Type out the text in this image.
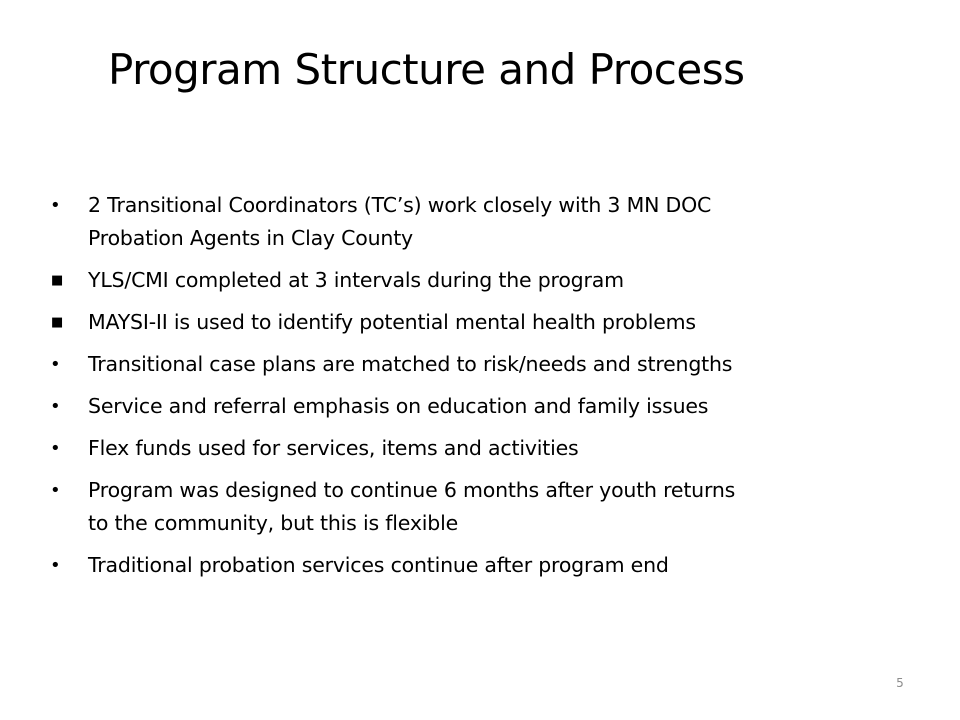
Program Structure and Process
•	2 Transitional Coordinators (TC’s) work closely with 3 MN DOC
Probation Agents in Clay County
■	YLS/CMI completed at 3 intervals during the program
■	MAYSI-II is used to identify potential mental health problems
•	Transitional case plans are matched to risk/needs and strengths
•	Service and referral emphasis on education and family issues
•	Flex funds used for services, items and activities
•	Program was designed to continue 6 months after youth returns
to the community, but this is flexible
•	Traditional probation services continue after program end
5
